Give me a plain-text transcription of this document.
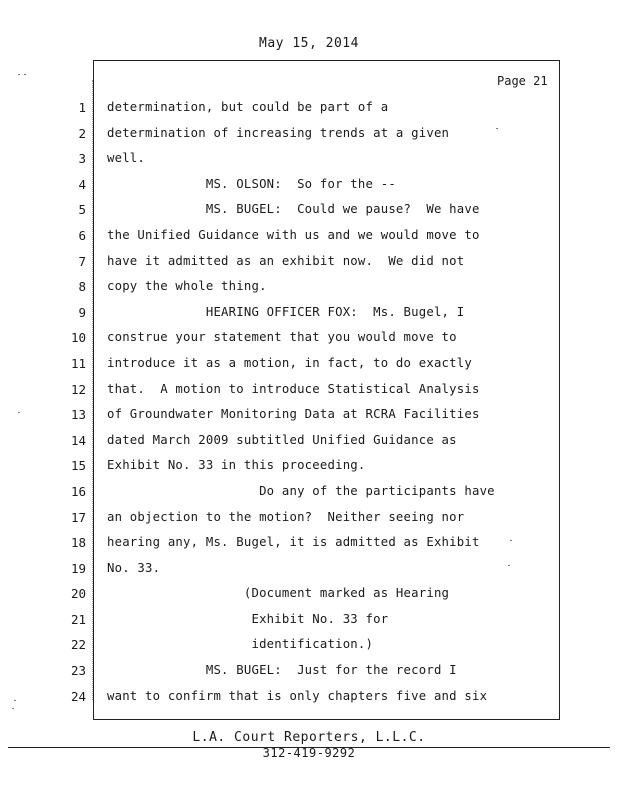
May 15, 2014
Page 21
1
2
3
4
5
6
7
8
9
10
11
12
13
14
15
16
17
18
19
20
21
22
23
24
determination, but could be part of a
determination of increasing trends at a given
well.
MS. OLSON:  So for the --
MS. BUGEL:  Could we pause?  We have
the Unified Guidance with us and we would move to
have it admitted as an exhibit now.  We did not
copy the whole thing.
HEARING OFFICER FOX:  Ms. Bugel, I
construe your statement that you would move to
introduce it as a motion, in fact, to do exactly
that.  A motion to introduce Statistical Analysis
of Groundwater Monitoring Data at RCRA Facilities
dated March 2009 subtitled Unified Guidance as
Exhibit No. 33 in this proceeding.
Do any of the participants have
an objection to the motion?  Neither seeing nor
hearing any, Ms. Bugel, it is admitted as Exhibit
No. 33.
(Document marked as Hearing
Exhibit No. 33 for
identification.)
MS. BUGEL:  Just for the record I
want to confirm that is only chapters five and six
L.A. Court Reporters, L.L.C.
312-419-9292
